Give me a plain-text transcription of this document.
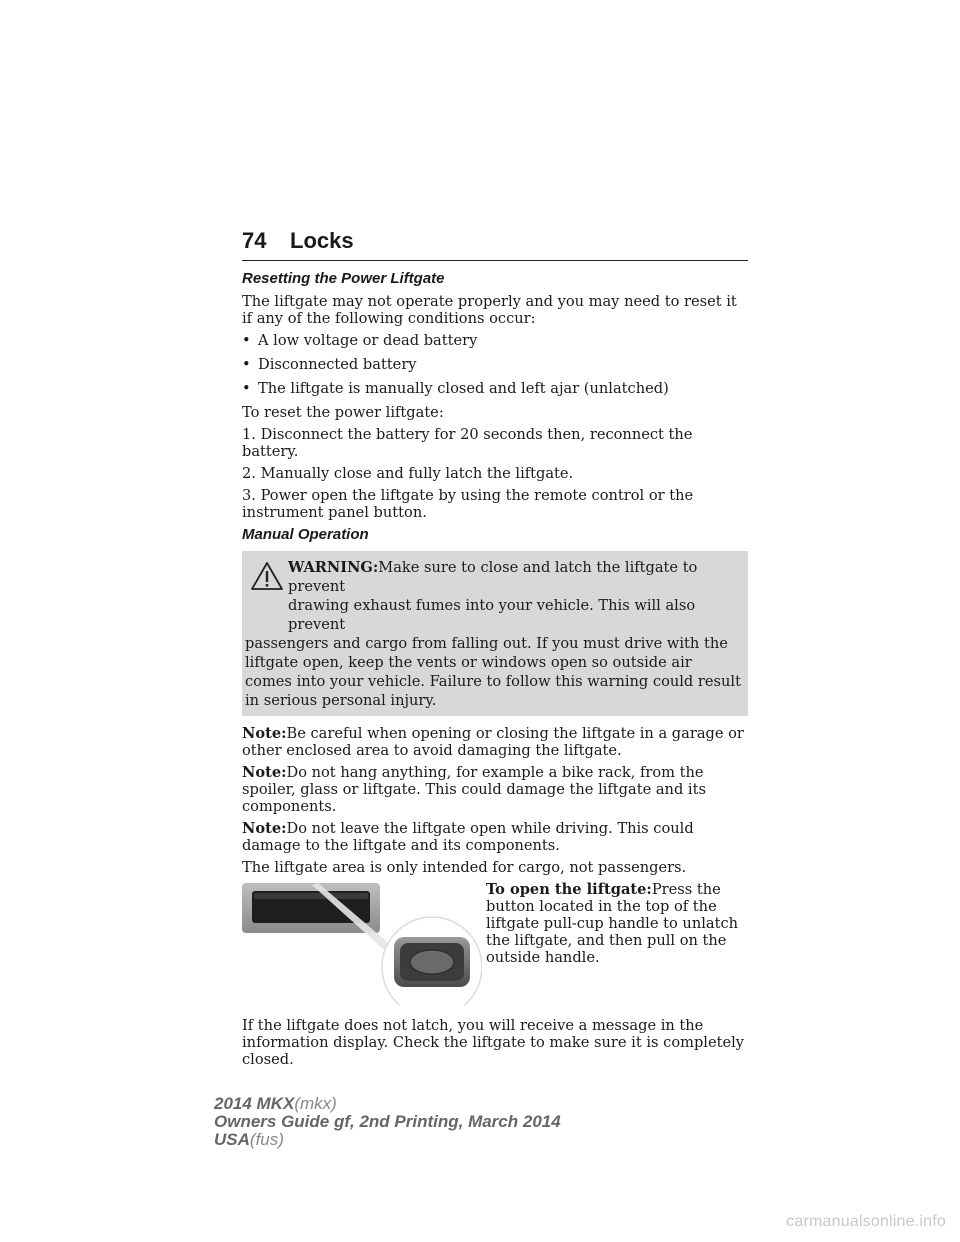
74 Locks
Resetting the Power Liftgate

The liftgate may not operate properly and you may need to reset it if any of the following conditions occur:

• A low voltage or dead battery
• Disconnected battery
• The liftgate is manually closed and left ajar (unlatched)

To reset the power liftgate:

1. Disconnect the battery for 20 seconds then, reconnect the battery.

2. Manually close and fully latch the liftgate.

3. Power open the liftgate by using the remote control or the instrument panel button.

Manual Operation
WARNING:Make sure to close and latch the liftgate to prevent
drawing exhaust fumes into your vehicle. This will also prevent
passengers and cargo from falling out. If you must drive with the liftgate open, keep the vents or windows open so outside air comes into your vehicle. Failure to follow this warning could result in serious personal injury.

Note:Be careful when opening or closing the liftgate in a garage or other enclosed area to avoid damaging the liftgate.

Note:Do not hang anything, for example a bike rack, from the spoiler, glass or liftgate. This could damage the liftgate and its components.

Note:Do not leave the liftgate open while driving. This could damage to the liftgate and its components.

The liftgate area is only intended for cargo, not passengers.

To open the liftgate:Press the button located in the top of the liftgate pull-cup handle to unlatch the liftgate, and then pull on the outside handle.

If the liftgate does not latch, you will receive a message in the information display. Check the liftgate to make sure it is completely closed.

2014 MKX(mkx)
Owners Guide gf, 2nd Printing, March 2014
USA(fus)
carmanualsonline.info
